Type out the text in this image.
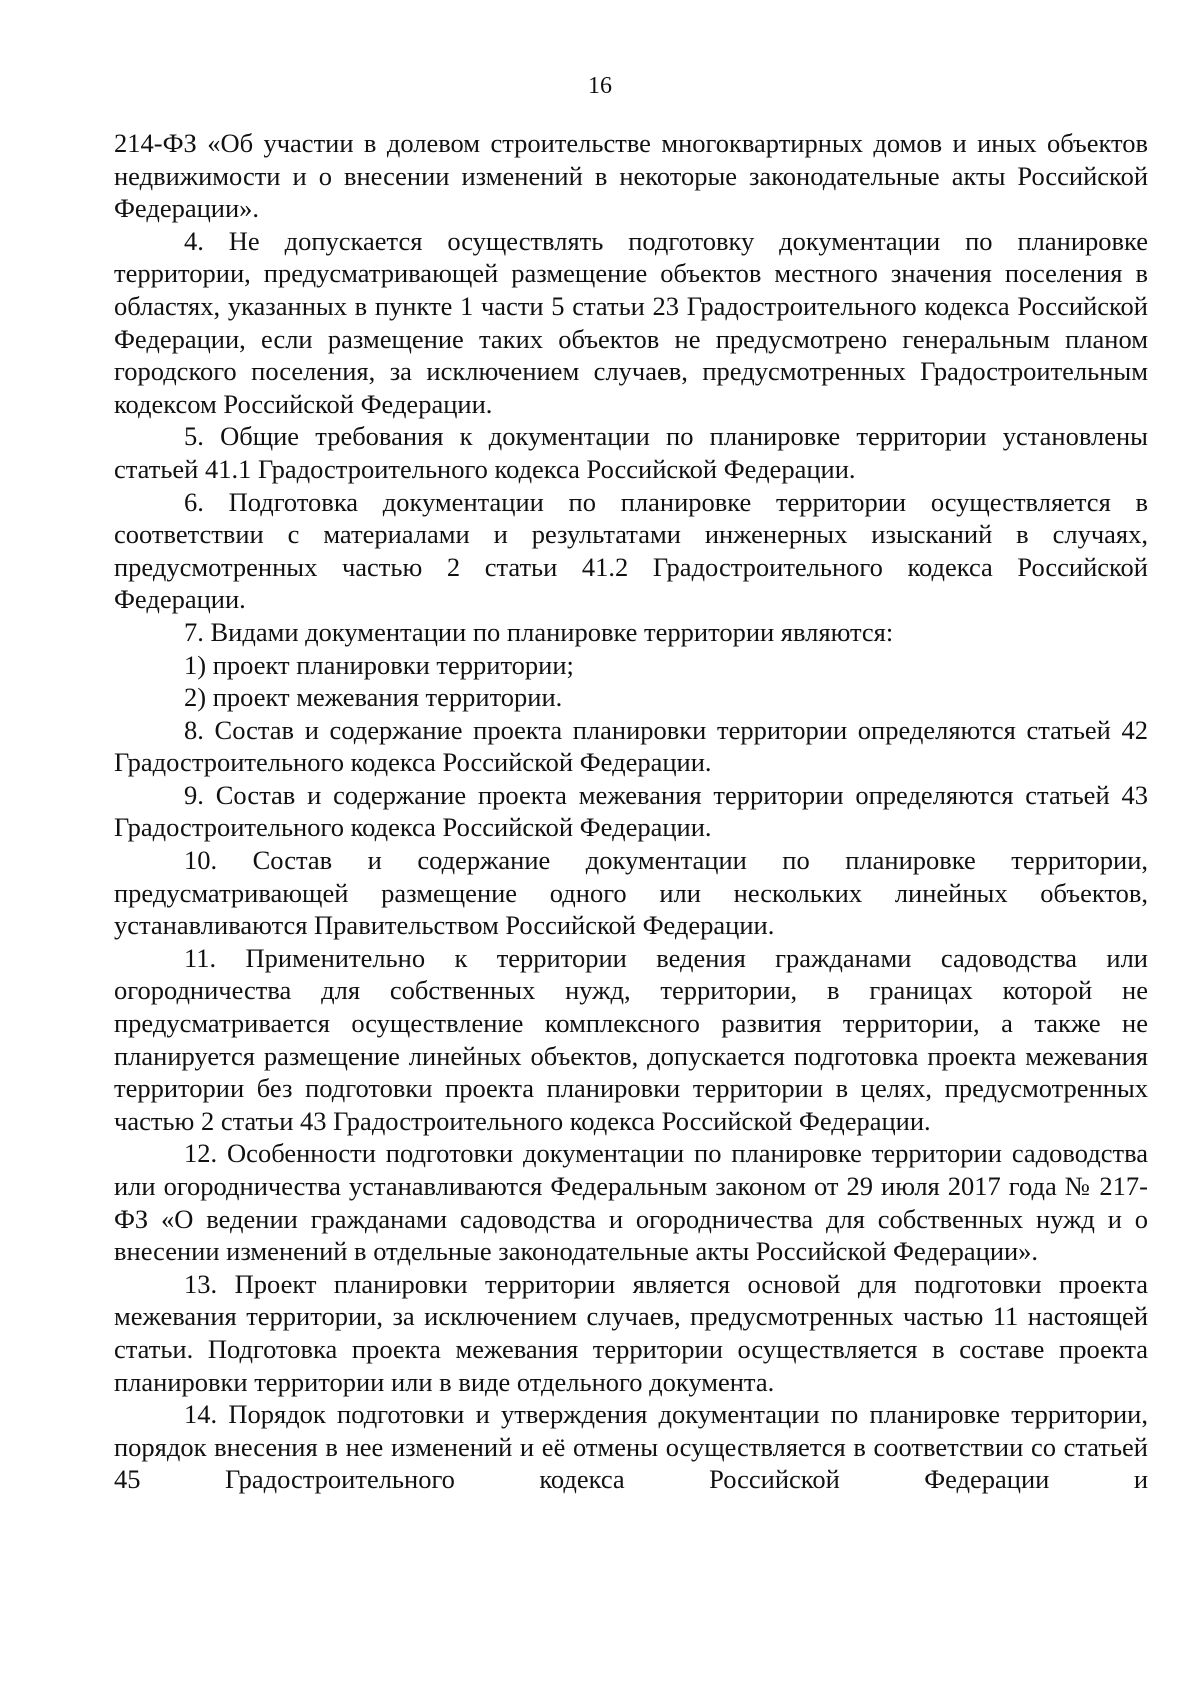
16

214-ФЗ «Об участии в долевом строительстве многоквартирных домов и иных объектов недвижимости и о внесении изменений в некоторые законодательные акты Российской Федерации».

4. Не допускается осуществлять подготовку документации по планировке территории, предусматривающей размещение объектов местного значения поселения в областях, указанных в пункте 1 части 5 статьи 23 Градостроительного кодекса Российской Федерации, если размещение таких объектов не предусмотрено генеральным планом городского поселения, за исключением случаев, предусмотренных Градостроительным кодексом Российской Федерации.

5. Общие требования к документации по планировке территории установлены статьей 41.1 Градостроительного кодекса Российской Федерации.

6. Подготовка документации по планировке территории осуществляется в соответствии с материалами и результатами инженерных изысканий в случаях, предусмотренных частью 2 статьи 41.2 Градостроительного кодекса Российской Федерации.

7. Видами документации по планировке территории являются:

1) проект планировки территории;

2) проект межевания территории.

8. Состав и содержание проекта планировки территории определяются статьей 42 Градостроительного кодекса Российской Федерации.

9. Состав и содержание проекта межевания территории определяются статьей 43 Градостроительного кодекса Российской Федерации.

10. Состав и содержание документации по планировке территории, предусматривающей размещение одного или нескольких линейных объектов, устанавливаются Правительством Российской Федерации.

11. Применительно к территории ведения гражданами садоводства или огородничества для собственных нужд, территории, в границах которой не предусматривается осуществление комплексного развития территории, а также не планируется размещение линейных объектов, допускается подготовка проекта межевания территории без подготовки проекта планировки территории в целях, предусмотренных частью 2 статьи 43 Градостроительного кодекса Российской Федерации.

12. Особенности подготовки документации по планировке территории садоводства или огородничества устанавливаются Федеральным законом от 29 июля 2017 года № 217-ФЗ «О ведении гражданами садоводства и огородничества для собственных нужд и о внесении изменений в отдельные законодательные акты Российской Федерации».

13. Проект планировки территории является основой для подготовки проекта межевания территории, за исключением случаев, предусмотренных частью 11 настоящей статьи. Подготовка проекта межевания территории осуществляется в составе проекта планировки территории или в виде отдельного документа.

14. Порядок подготовки и утверждения документации по планировке территории, порядок внесения в нее изменений и её отмены осуществляется в соответствии со статьей 45 Градостроительного кодекса Российской Федерации и
